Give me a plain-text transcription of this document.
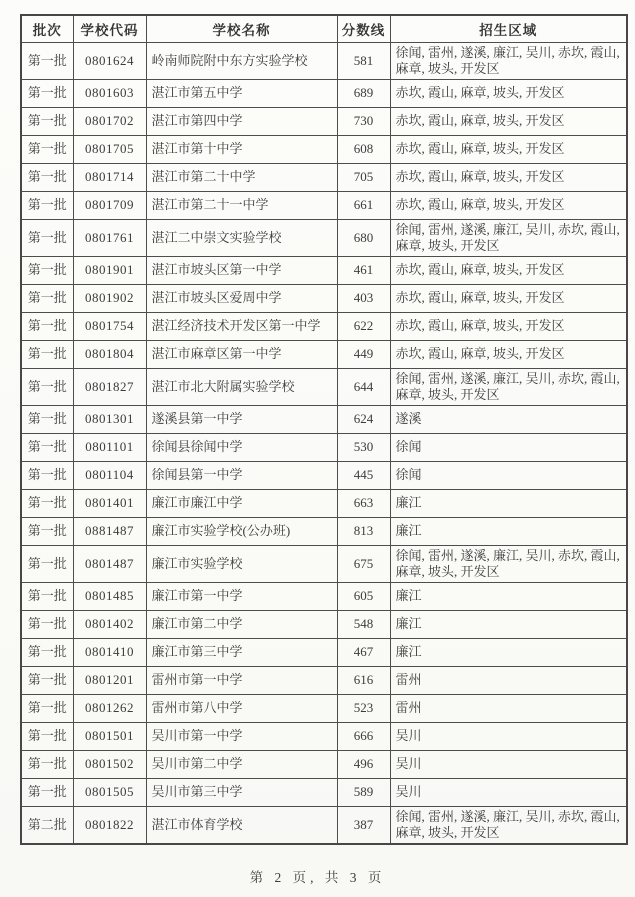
批次	学校代码	学校名称	分数线	招生区域
第一批	0801624	岭南师院附中东方实验学校	581	徐闻, 雷州, 遂溪, 廉江, 吴川, 赤坎, 霞山, 麻章, 坡头, 开发区
第一批	0801603	湛江市第五中学	689	赤坎, 霞山, 麻章, 坡头, 开发区
第一批	0801702	湛江市第四中学	730	赤坎, 霞山, 麻章, 坡头, 开发区
第一批	0801705	湛江市第十中学	608	赤坎, 霞山, 麻章, 坡头, 开发区
第一批	0801714	湛江市第二十中学	705	赤坎, 霞山, 麻章, 坡头, 开发区
第一批	0801709	湛江市第二十一中学	661	赤坎, 霞山, 麻章, 坡头, 开发区
第一批	0801761	湛江二中崇文实验学校	680	徐闻, 雷州, 遂溪, 廉江, 吴川, 赤坎, 霞山, 麻章, 坡头, 开发区
第一批	0801901	湛江市坡头区第一中学	461	赤坎, 霞山, 麻章, 坡头, 开发区
第一批	0801902	湛江市坡头区爱周中学	403	赤坎, 霞山, 麻章, 坡头, 开发区
第一批	0801754	湛江经济技术开发区第一中学	622	赤坎, 霞山, 麻章, 坡头, 开发区
第一批	0801804	湛江市麻章区第一中学	449	赤坎, 霞山, 麻章, 坡头, 开发区
第一批	0801827	湛江市北大附属实验学校	644	徐闻, 雷州, 遂溪, 廉江, 吴川, 赤坎, 霞山, 麻章, 坡头, 开发区
第一批	0801301	遂溪县第一中学	624	遂溪
第一批	0801101	徐闻县徐闻中学	530	徐闻
第一批	0801104	徐闻县第一中学	445	徐闻
第一批	0801401	廉江市廉江中学	663	廉江
第一批	0881487	廉江市实验学校(公办班)	813	廉江
第一批	0801487	廉江市实验学校	675	徐闻, 雷州, 遂溪, 廉江, 吴川, 赤坎, 霞山, 麻章, 坡头, 开发区
第一批	0801485	廉江市第一中学	605	廉江
第一批	0801402	廉江市第二中学	548	廉江
第一批	0801410	廉江市第三中学	467	廉江
第一批	0801201	雷州市第一中学	616	雷州
第一批	0801262	雷州市第八中学	523	雷州
第一批	0801501	吴川市第一中学	666	吴川
第一批	0801502	吴川市第二中学	496	吴川
第一批	0801505	吴川市第三中学	589	吴川
第二批	0801822	湛江市体育学校	387	徐闻, 雷州, 遂溪, 廉江, 吴川, 赤坎, 霞山, 麻章, 坡头, 开发区
第 2 页, 共 3 页
